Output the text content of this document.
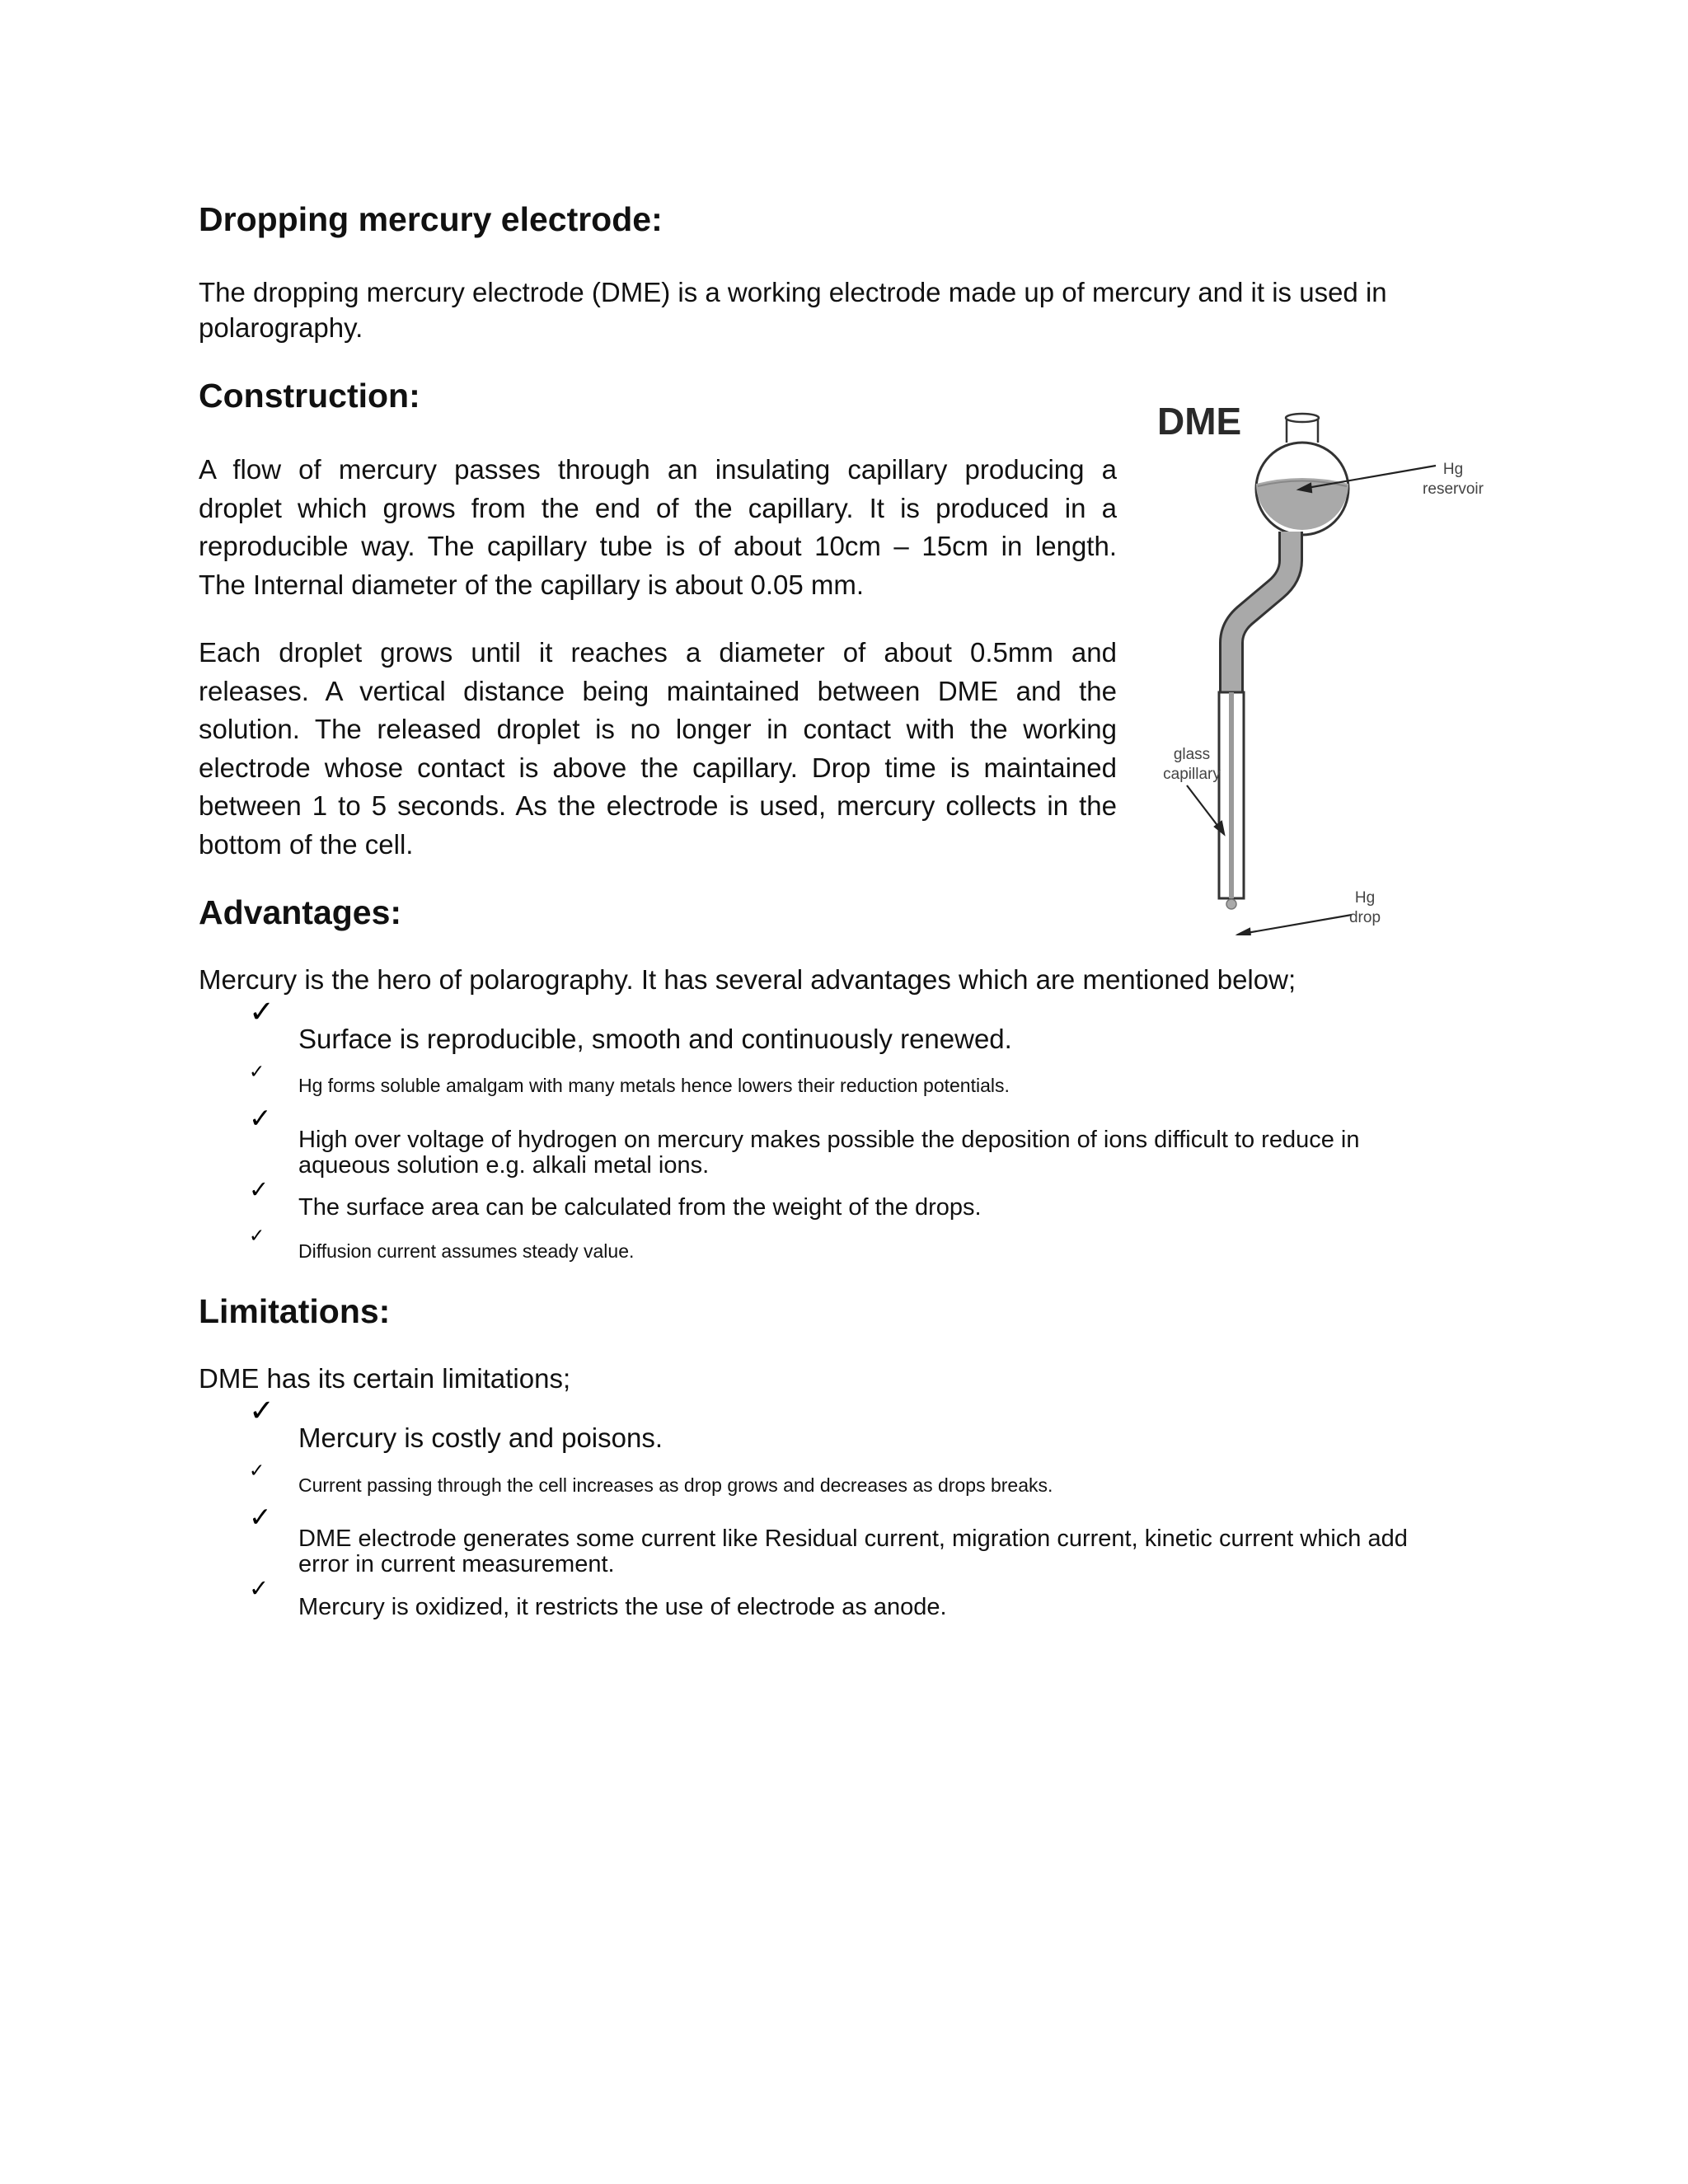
Dropping mercury electrode:
The dropping mercury electrode (DME) is a working electrode made up of mercury and it is used in polarography.
Construction:
A flow of mercury passes through an insulating capillary producing a
droplet which grows from the end of the capillary. It is produced in a
reproducible way. The capillary tube is of about 10cm – 15cm in length.
The Internal diameter of the capillary is about 0.05 mm.
Each droplet grows until it reaches a diameter of about 0.5mm and
releases. A vertical distance being maintained between DME and the
solution. The released droplet is no longer in contact with the working
electrode whose contact is above the capillary. Drop time is maintained
between 1 to 5 seconds. As the electrode is used, mercury collects in the
bottom of the cell.
DME
Hg
reservoir
glass
capillary
Hg
drop
Advantages:
Mercury is the hero of polarography. It has several advantages which are mentioned below;
✓
Surface is reproducible, smooth and continuously renewed.
✓
Hg forms soluble amalgam with many metals hence lowers their reduction potentials.
✓
High over voltage of hydrogen on mercury makes possible the deposition of ions difficult to reduce in aqueous solution e.g. alkali metal ions.
✓
The surface area can be calculated from the weight of the drops.
✓
Diffusion current assumes steady value.
Limitations:
DME has its certain limitations;
✓
Mercury is costly and poisons.
✓
Current passing through the cell increases as drop grows and decreases as drops breaks.
✓
DME electrode generates some current like Residual current, migration current, kinetic current which add error in current measurement.
✓
Mercury is oxidized, it restricts the use of electrode as anode.
